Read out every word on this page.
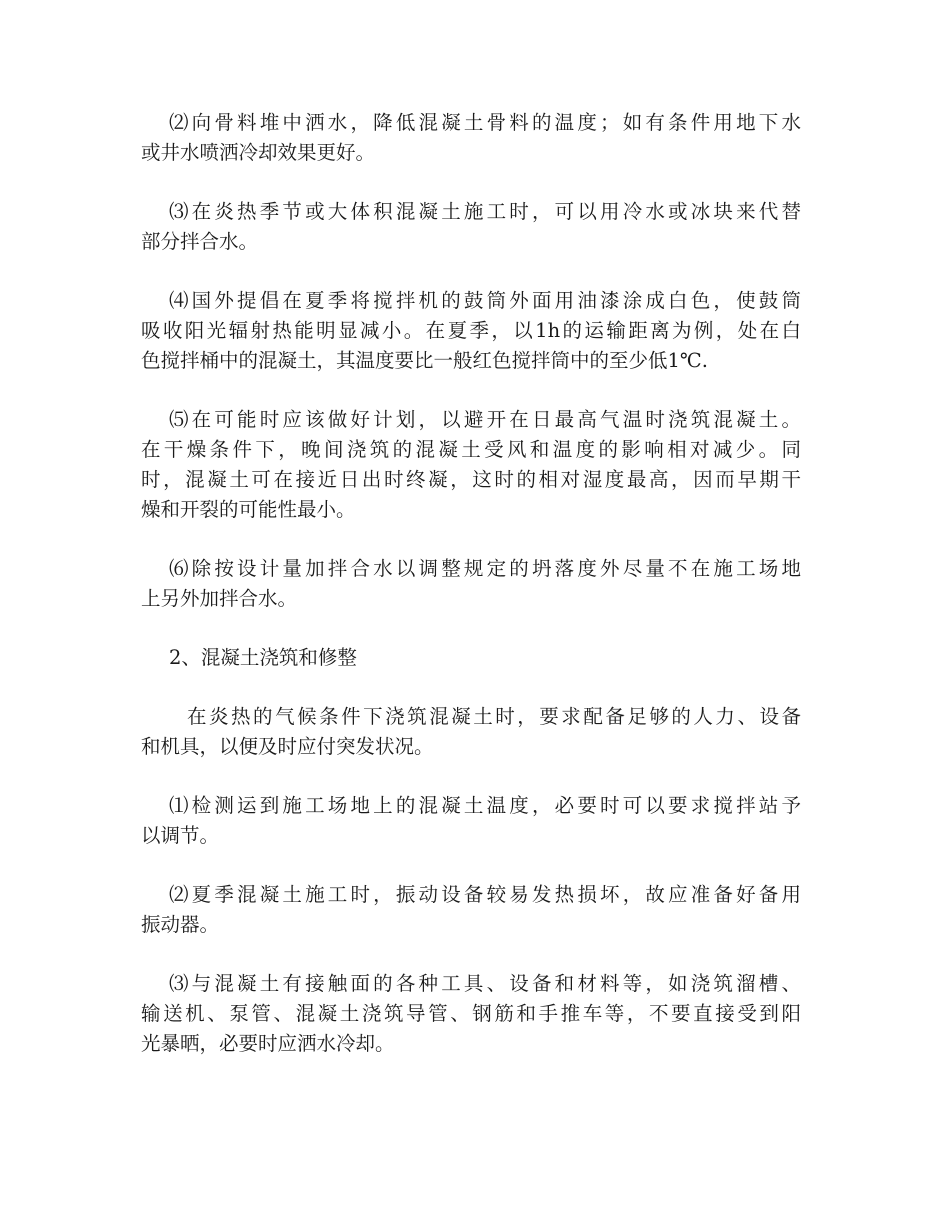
⑵向骨料堆中洒水，降低混凝土骨料的温度；如有条件用地下水
或井水喷洒冷却效果更好。

⑶在炎热季节或大体积混凝土施工时，可以用冷水或冰块来代替
部分拌合水。

⑷国外提倡在夏季将搅拌机的鼓筒外面用油漆涂成白色，使鼓筒
吸收阳光辐射热能明显减小。在夏季，以1h的运输距离为例，处在白
色搅拌桶中的混凝土，其温度要比一般红色搅拌筒中的至少低1℃.

⑸在可能时应该做好计划，以避开在日最高气温时浇筑混凝土。
在干燥条件下，晚间浇筑的混凝土受风和温度的影响相对减少。同
时，混凝土可在接近日出时终凝，这时的相对湿度最高，因而早期干
燥和开裂的可能性最小。

⑹除按设计量加拌合水以调整规定的坍落度外尽量不在施工场地
上另外加拌合水。

2、混凝土浇筑和修整

在炎热的气候条件下浇筑混凝土时，要求配备足够的人力、设备
和机具，以便及时应付突发状况。

⑴检测运到施工场地上的混凝土温度，必要时可以要求搅拌站予
以调节。

⑵夏季混凝土施工时，振动设备较易发热损坏，故应准备好备用
振动器。

⑶与混凝土有接触面的各种工具、设备和材料等，如浇筑溜槽、
输送机、泵管、混凝土浇筑导管、钢筋和手推车等，不要直接受到阳
光暴晒，必要时应洒水冷却。
